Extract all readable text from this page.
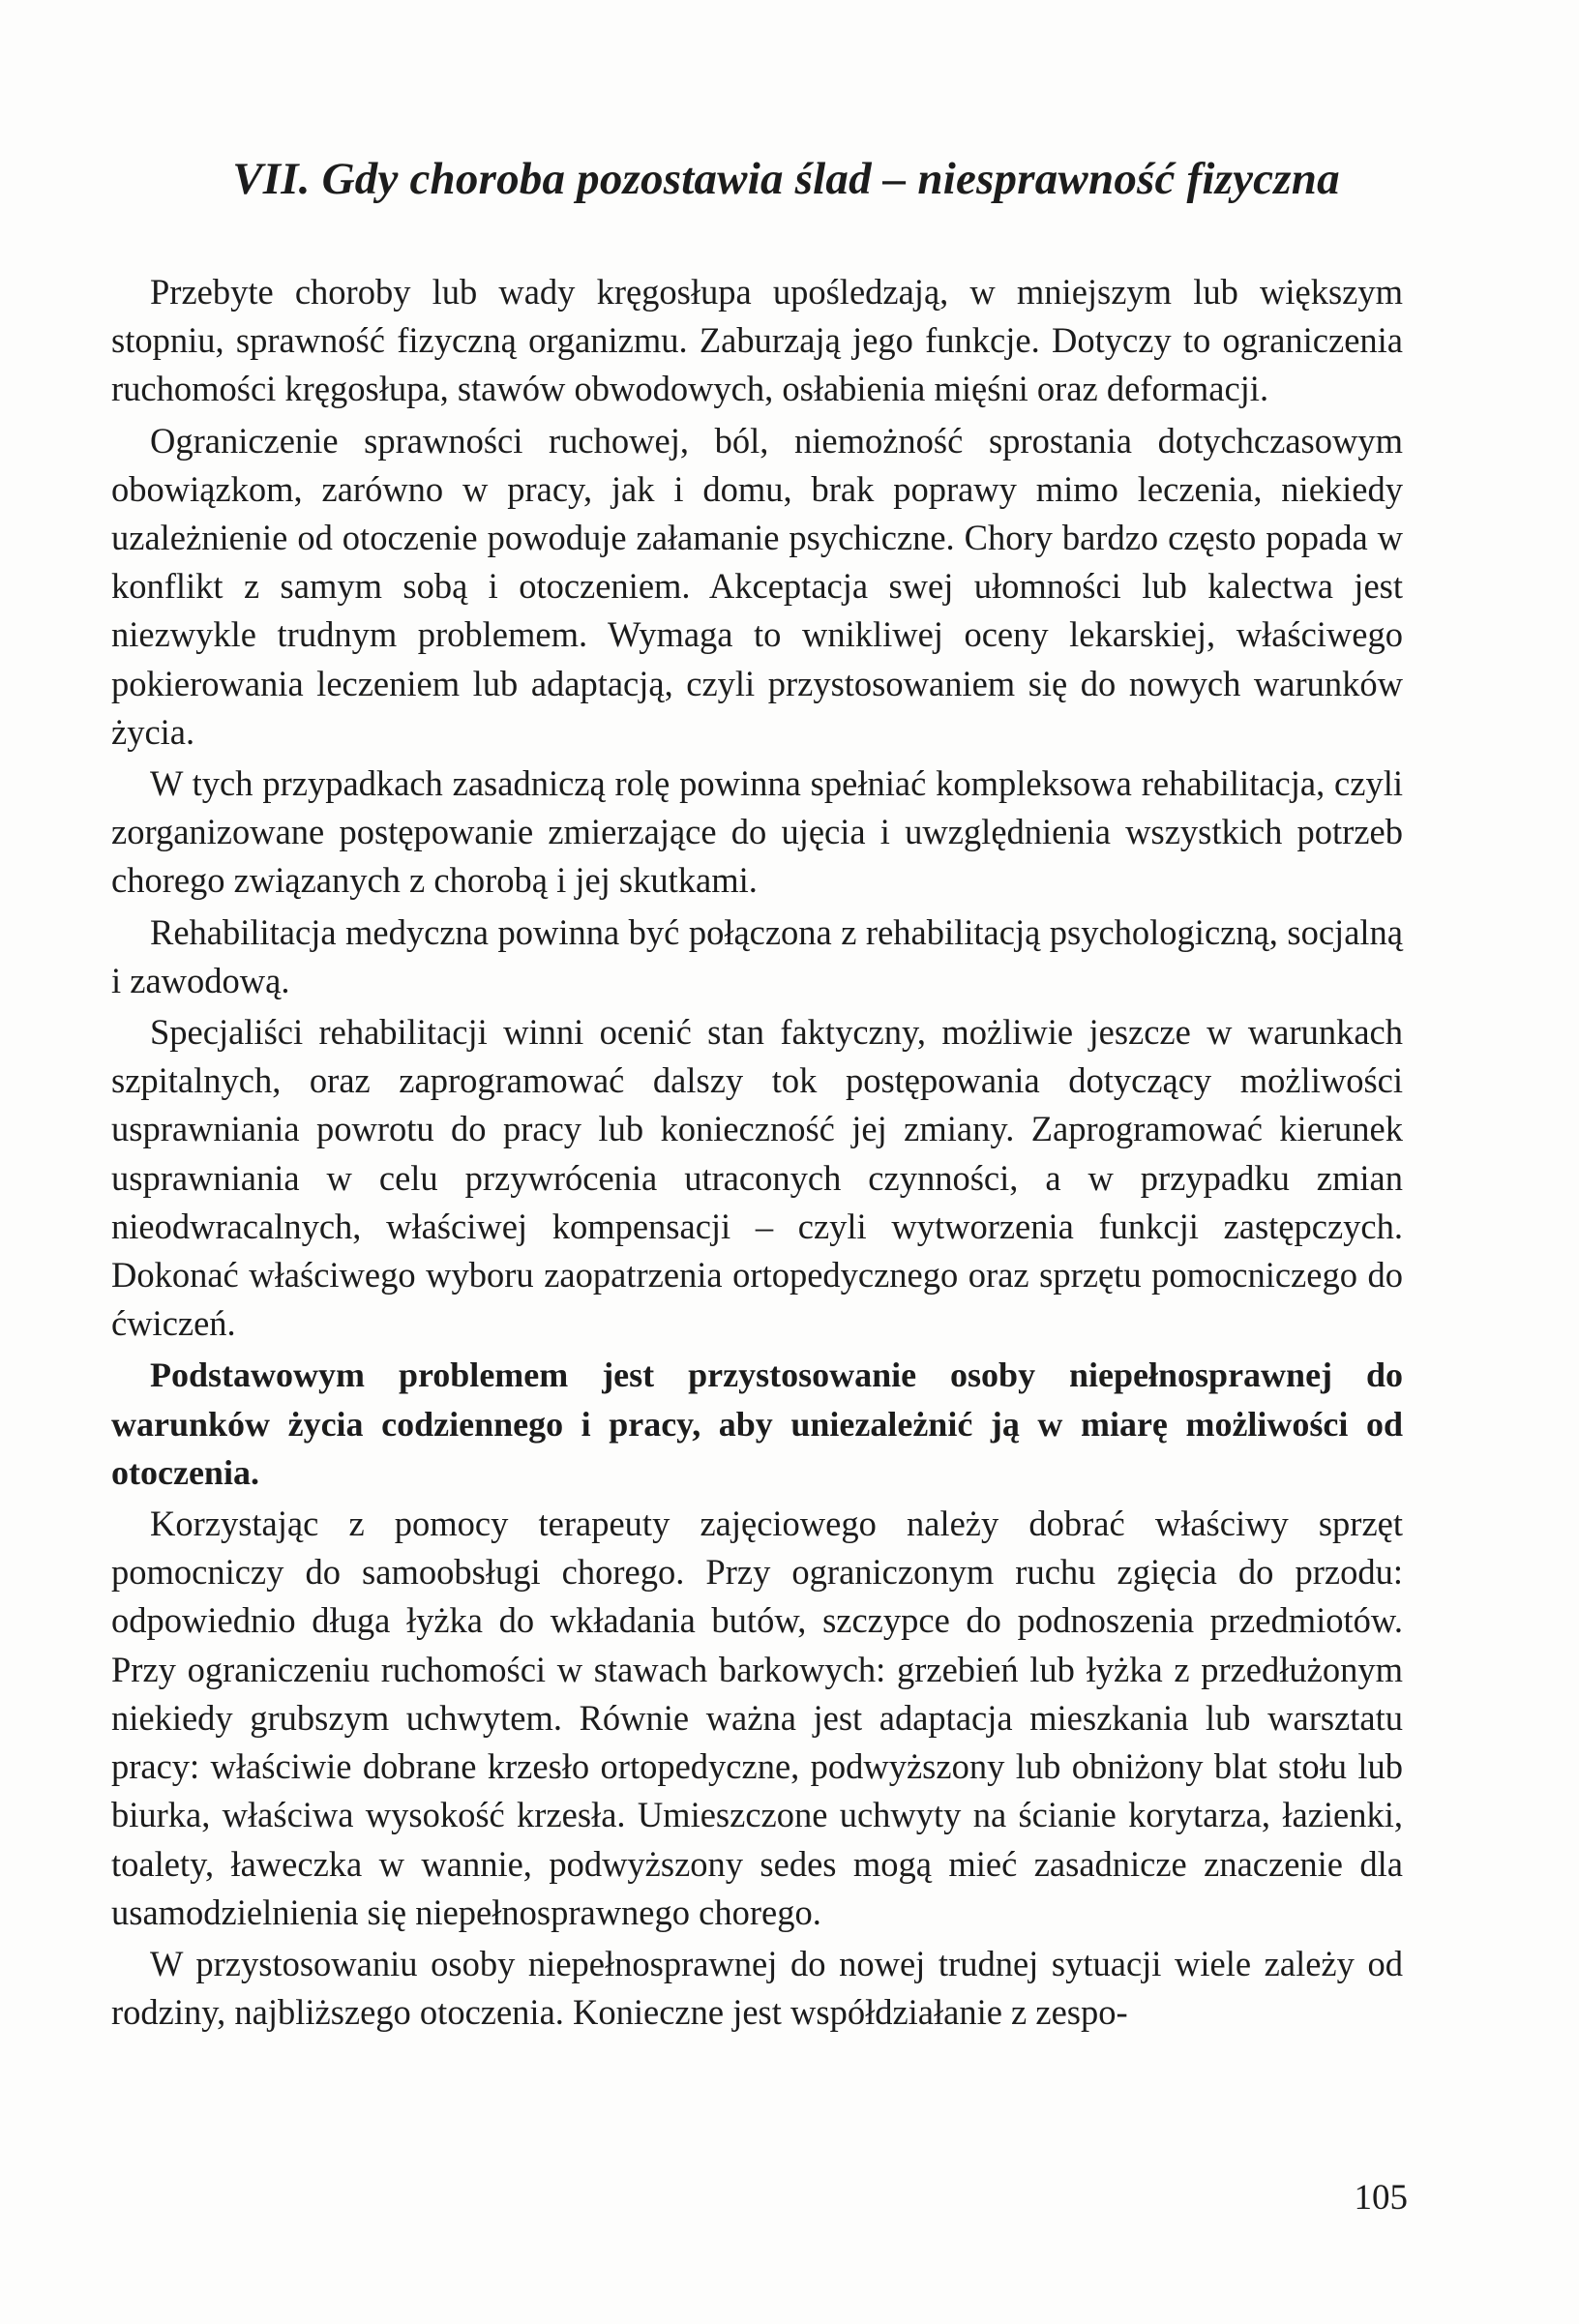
VII. Gdy choroba pozostawia ślad – niesprawność fizyczna

Przebyte choroby lub wady kręgosłupa upośledzają, w mniejszym lub większym stopniu, sprawność fizyczną organizmu. Zaburzają jego funkcje. Dotyczy to ograniczenia ruchomości kręgosłupa, stawów obwodowych, osłabienia mięśni oraz deformacji.

Ograniczenie sprawności ruchowej, ból, niemożność sprostania dotychczasowym obowiązkom, zarówno w pracy, jak i domu, brak poprawy mimo leczenia, niekiedy uzależnienie od otoczenie powoduje załamanie psychiczne. Chory bardzo często popada w konflikt z samym sobą i otoczeniem. Akceptacja swej ułomności lub kalectwa jest niezwykle trudnym problemem. Wymaga to wnikliwej oceny lekarskiej, właściwego pokierowania leczeniem lub adaptacją, czyli przystosowaniem się do nowych warunków życia.

W tych przypadkach zasadniczą rolę powinna spełniać kompleksowa rehabilitacja, czyli zorganizowane postępowanie zmierzające do ujęcia i uwzględnienia wszystkich potrzeb chorego związanych z chorobą i jej skutkami.

Rehabilitacja medyczna powinna być połączona z rehabilitacją psychologiczną, socjalną i zawodową.

Specjaliści rehabilitacji winni ocenić stan faktyczny, możliwie jeszcze w warunkach szpitalnych, oraz zaprogramować dalszy tok postępowania dotyczący możliwości usprawniania powrotu do pracy lub konieczność jej zmiany. Zaprogramować kierunek usprawniania w celu przywrócenia utraconych czynności, a w przypadku zmian nieodwracalnych, właściwej kompensacji – czyli wytworzenia funkcji zastępczych. Dokonać właściwego wyboru zaopatrzenia ortopedycznego oraz sprzętu pomocniczego do ćwiczeń.

Podstawowym problemem jest przystosowanie osoby niepełnosprawnej do warunków życia codziennego i pracy, aby uniezależnić ją w miarę możliwości od otoczenia.

Korzystając z pomocy terapeuty zajęciowego należy dobrać właściwy sprzęt pomocniczy do samoobsługi chorego. Przy ograniczonym ruchu zgięcia do przodu: odpowiednio długa łyżka do wkładania butów, szczypce do podnoszenia przedmiotów. Przy ograniczeniu ruchomości w stawach barkowych: grzebień lub łyżka z przedłużonym niekiedy grubszym uchwytem. Równie ważna jest adaptacja mieszkania lub warsztatu pracy: właściwie dobrane krzesło ortopedyczne, podwyższony lub obniżony blat stołu lub biurka, właściwa wysokość krzesła. Umieszczone uchwyty na ścianie korytarza, łazienki, toalety, ławeczka w wannie, podwyższony sedes mogą mieć zasadnicze znaczenie dla usamodzielnienia się niepełnosprawnego chorego.

W przystosowaniu osoby niepełnosprawnej do nowej trudnej sytuacji wiele zależy od rodziny, najbliższego otoczenia. Konieczne jest współdziałanie z zespo-

105
